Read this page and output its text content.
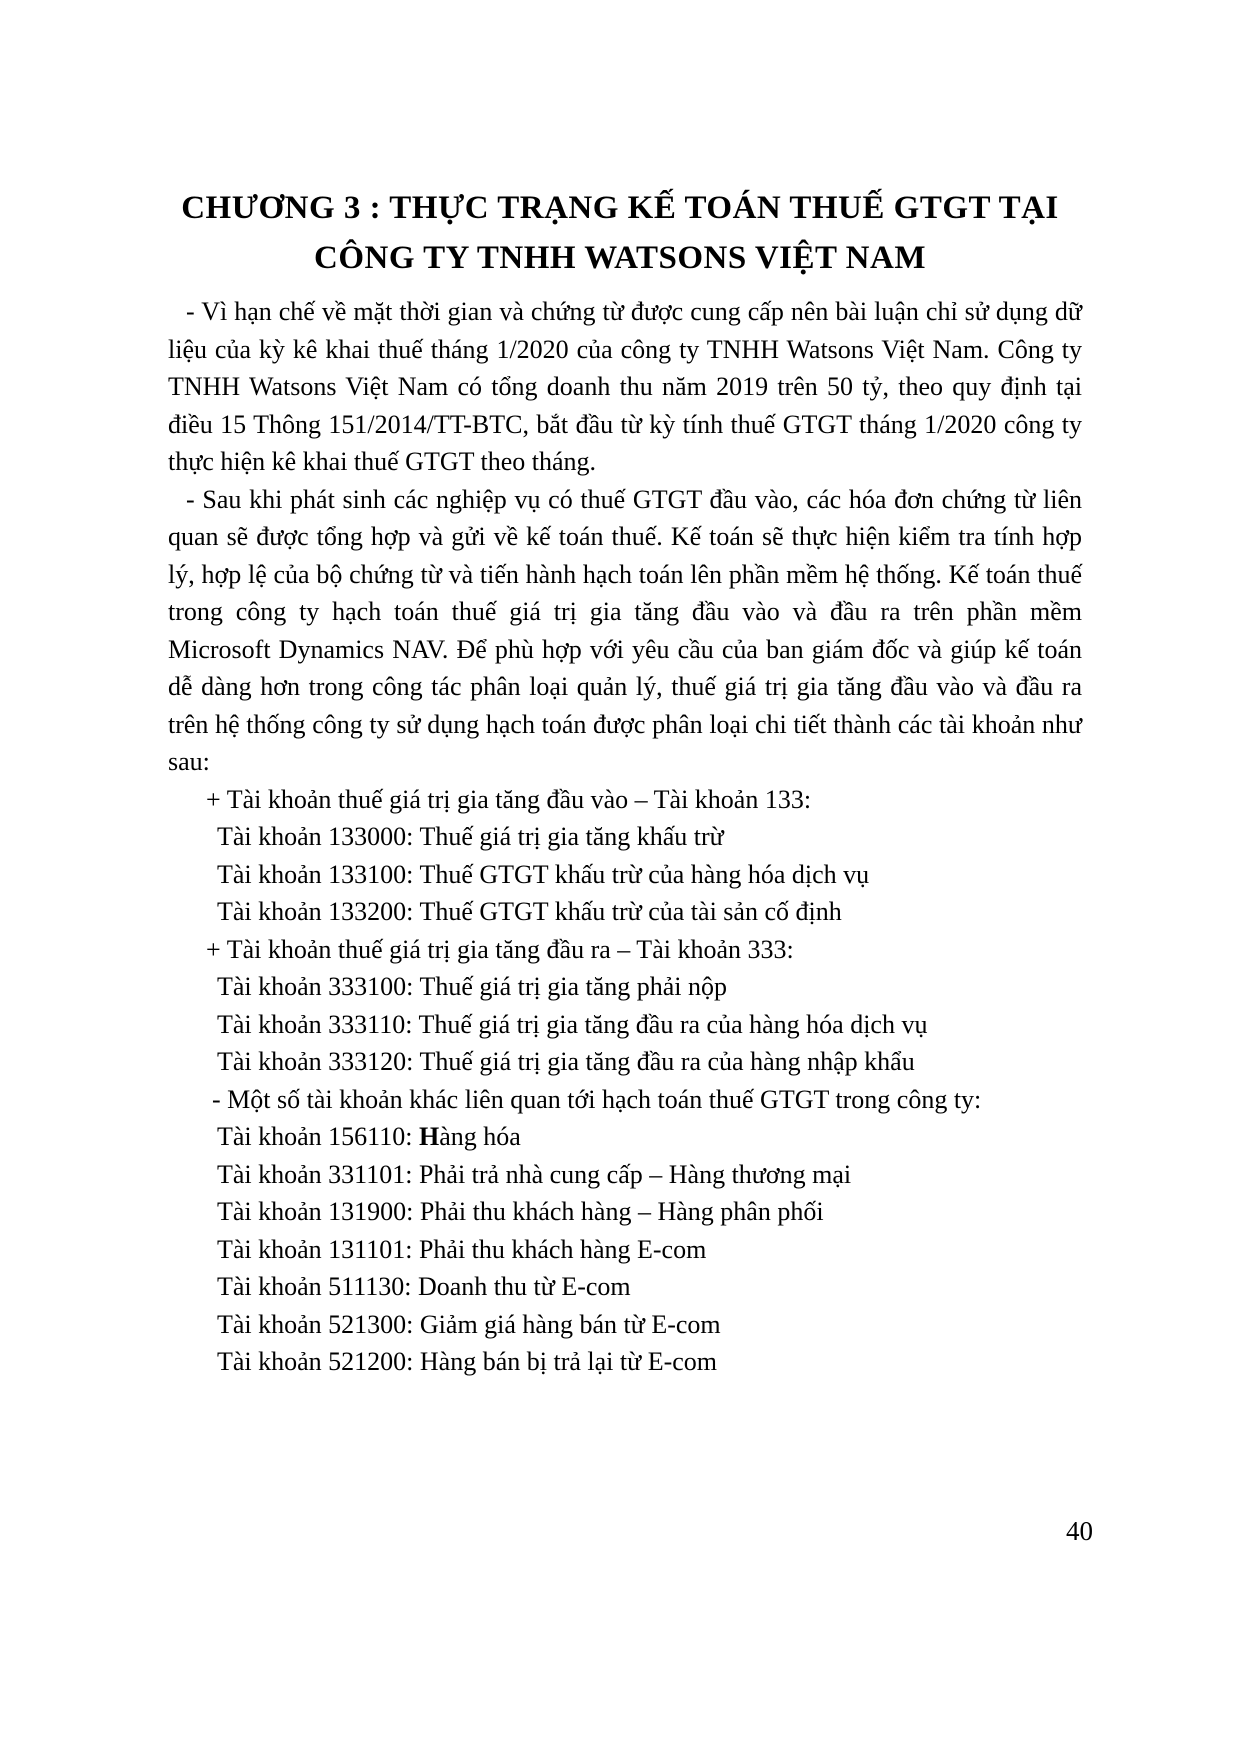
CHƯƠNG 3 : THỰC TRẠNG KẾ TOÁN THUẾ GTGT TẠI
CÔNG TY TNHH WATSONS VIỆT NAM

- Vì hạn chế về mặt thời gian và chứng từ được cung cấp nên bài luận chỉ sử dụng dữ liệu của kỳ kê khai thuế tháng 1/2020 của công ty TNHH Watsons Việt Nam. Công ty TNHH Watsons Việt Nam có tổng doanh thu năm 2019 trên 50 tỷ, theo quy định tại điều 15 Thông 151/2014/TT-BTC, bắt đầu từ kỳ tính thuế GTGT tháng 1/2020 công ty thực hiện kê khai thuế GTGT theo tháng.

- Sau khi phát sinh các nghiệp vụ có thuế GTGT đầu vào, các hóa đơn chứng từ liên quan sẽ được tổng hợp và gửi về kế toán thuế. Kế toán sẽ thực hiện kiểm tra tính hợp lý, hợp lệ của bộ chứng từ và tiến hành hạch toán lên phần mềm hệ thống. Kế toán thuế trong công ty hạch toán thuế giá trị gia tăng đầu vào và đầu ra trên phần mềm Microsoft Dynamics NAV. Để phù hợp với yêu cầu của ban giám đốc và giúp kế toán dễ dàng hơn trong công tác phân loại quản lý, thuế giá trị gia tăng đầu vào và đầu ra trên hệ thống công ty sử dụng hạch toán được phân loại chi tiết thành các tài khoản như sau:

+ Tài khoản thuế giá trị gia tăng đầu vào – Tài khoản 133:
Tài khoản 133000: Thuế giá trị gia tăng khấu trừ
Tài khoản 133100: Thuế GTGT khấu trừ của hàng hóa dịch vụ
Tài khoản 133200: Thuế GTGT khấu trừ của tài sản cố định
+ Tài khoản thuế giá trị gia tăng đầu ra – Tài khoản 333:
Tài khoản 333100: Thuế giá trị gia tăng phải nộp
Tài khoản 333110: Thuế giá trị gia tăng đầu ra của hàng hóa dịch vụ
Tài khoản 333120: Thuế giá trị gia tăng đầu ra của hàng nhập khẩu
- Một số tài khoản khác liên quan tới hạch toán thuế GTGT trong công ty:
Tài khoản 156110: Hàng hóa
Tài khoản 331101: Phải trả nhà cung cấp – Hàng thương mại
Tài khoản 131900: Phải thu khách hàng – Hàng phân phối
Tài khoản 131101: Phải thu khách hàng E-com
Tài khoản 511130: Doanh thu từ E-com
Tài khoản 521300: Giảm giá hàng bán từ E-com
Tài khoản 521200: Hàng bán bị trả lại từ E-com
40
